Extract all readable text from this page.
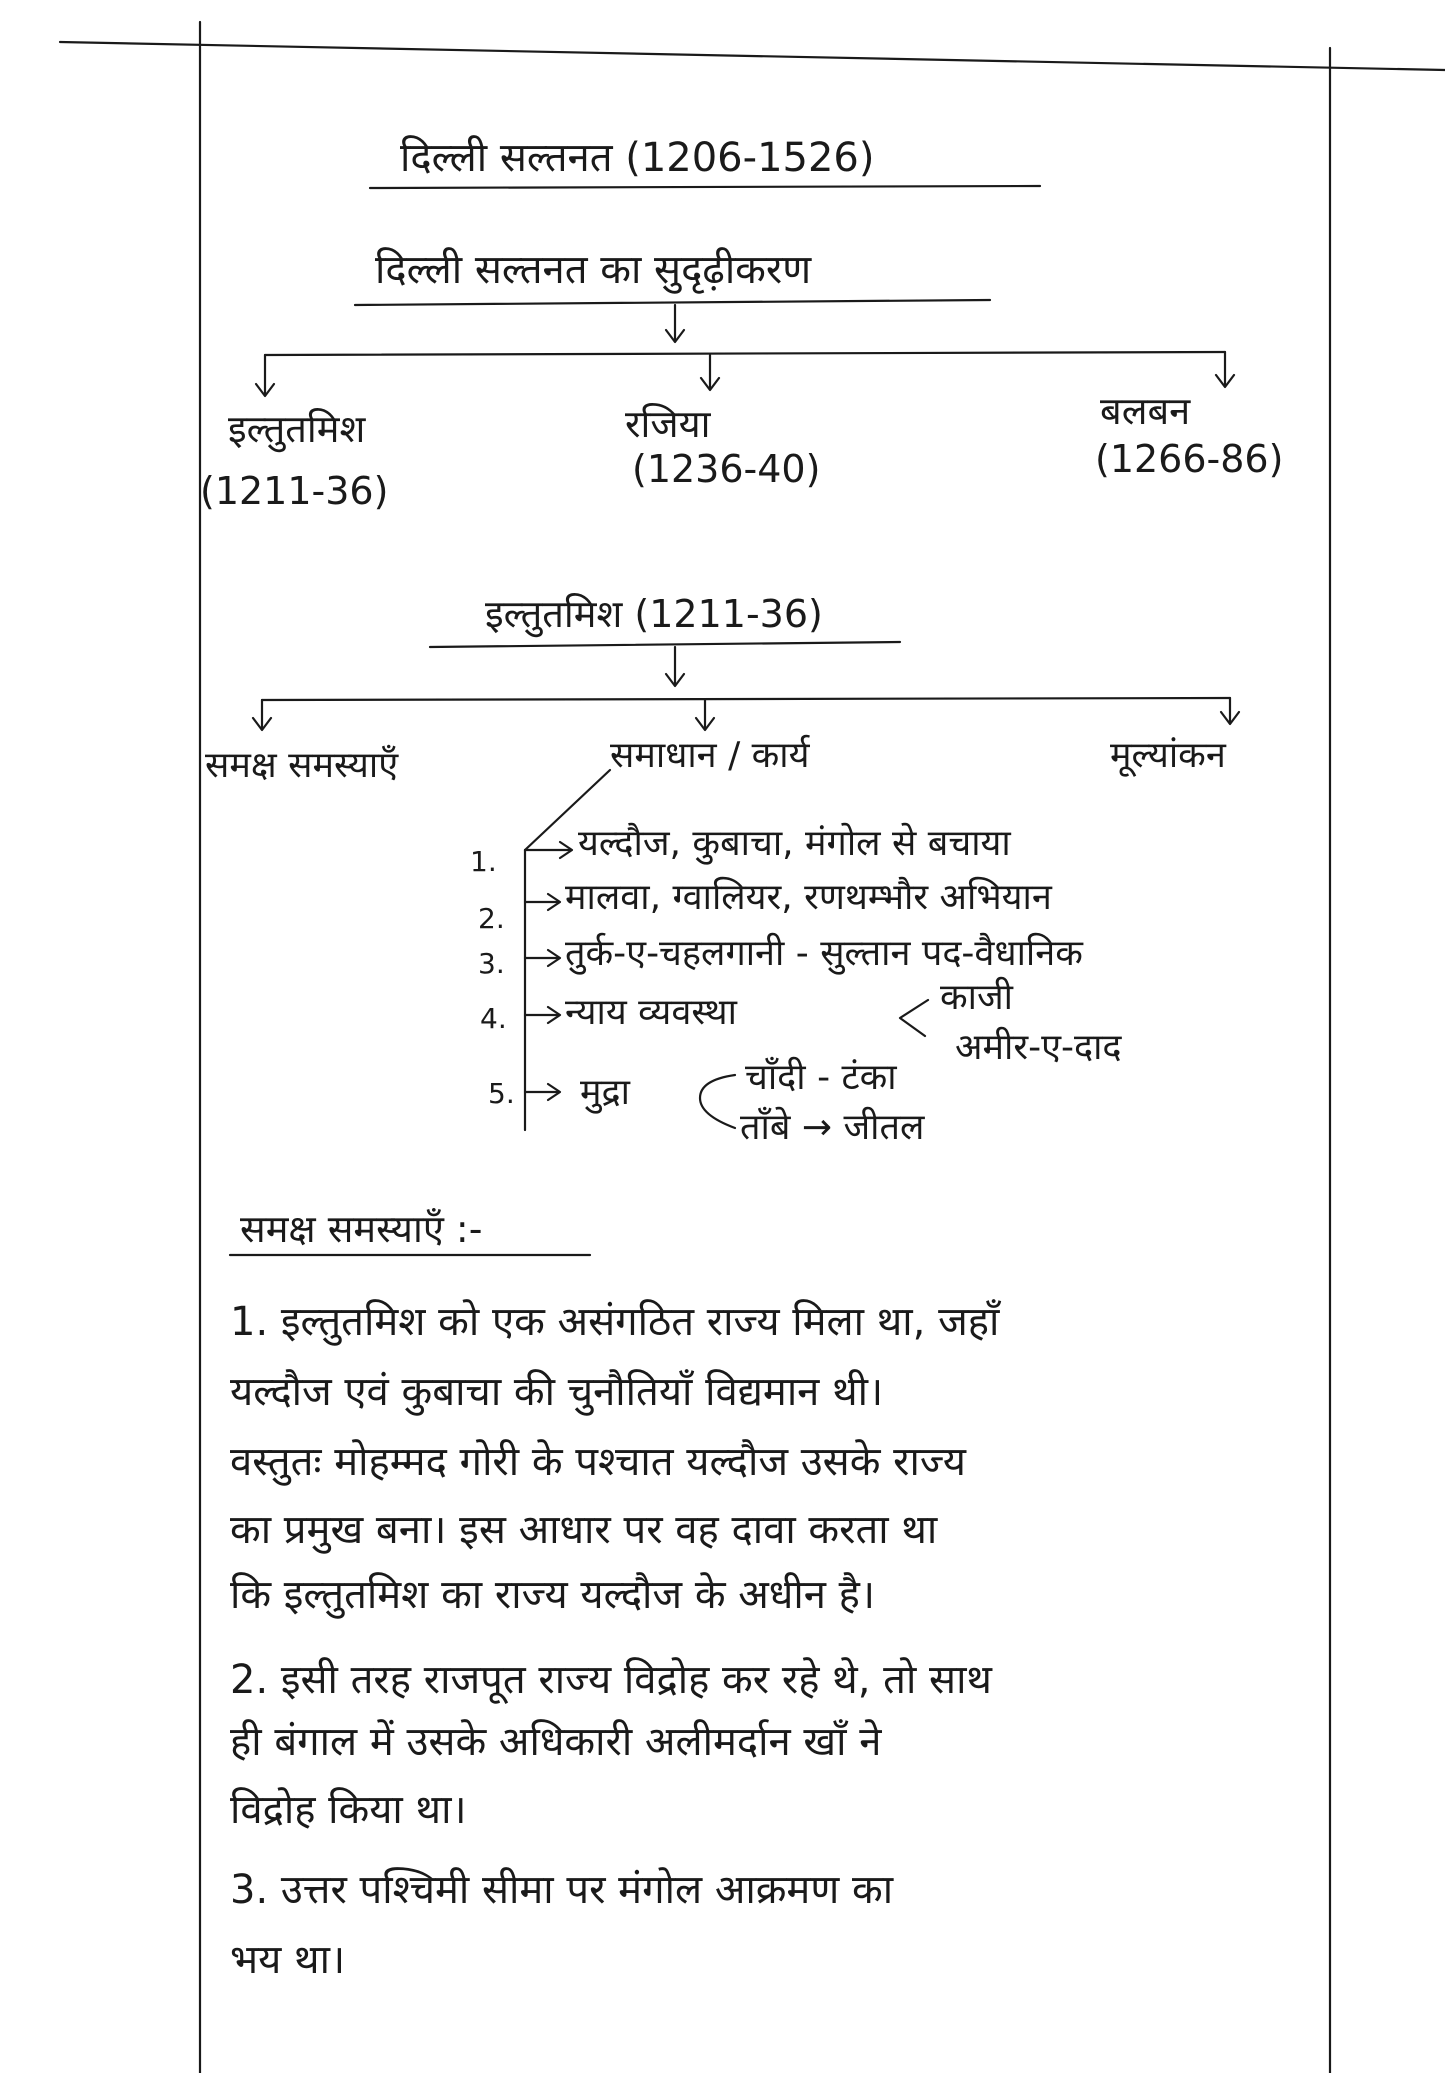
दिल्ली सल्तनत (1206-1526)
दिल्ली सल्तनत का सुदृढ़ीकरण
इल्तुतमिश
(1211-36)
रजिया
(1236-40)
बलबन
(1266-86)
इल्तुतमिश (1211-36)
समक्ष समस्याएँ	समाधान / कार्य	मूल्यांकन
1. यल्दौज, कुबाचा, मंगोल से बचाया
2.
मालवा, ग्वालियर, रणथम्भौर अभियान
3. तुर्क-ए-चहलगानी - सुल्तान पद-वैधानिक
4. न्याय व्यवस्था	काजी
अमीर-ए-दाद
5. मुद्रा	चाँदी - टंका
ताँबे → जीतल
समक्ष समस्याएँ :-
1. इल्तुतमिश को एक असंगठित राज्य मिला था, जहाँ
यल्दौज एवं कुबाचा की चुनौतियाँ विद्यमान थी।
वस्तुतः मोहम्मद गोरी के पश्चात यल्दौज उसके राज्य
का प्रमुख बना। इस आधार पर वह दावा करता था
कि इल्तुतमिश का राज्य यल्दौज के अधीन है।
2. इसी तरह राजपूत राज्य विद्रोह कर रहे थे, तो साथ
ही बंगाल में उसके अधिकारी अलीमर्दान खाँ ने
विद्रोह किया था।
3. उत्तर पश्चिमी सीमा पर मंगोल आक्रमण का
भय था।
